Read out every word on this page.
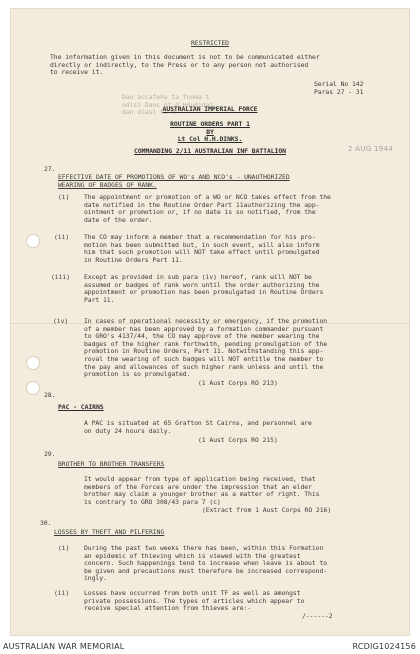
RESTRICTED
The information given in this document is not to be communicated either
directly or indirectly, to the Press or to any person not authorised
to receive it.
Serial No 142
Paras 27 - 31
Dao accafeha ta fnoma t
ndisi Dans nt d Hdudidai
dan diasl ti H
AUSTRALIAN IMPERIAL FORCE
ROUTINE ORDERS PART 1
BY
Lt Col H.H.DINKS.
COMMANDING 2/11 AUSTRALIAN INF BATTALION	2 AUG 1944
27.
EFFECTIVE DATE OF PROMOTIONS OF WO's AND NCO's - UNAUTHORIZED
WEARING OF BADGES OF RANK.
(i) The appointment or promotion of a WO or NCO takes effect from the
date notified in the Routine Order Part 11authorizing the app-
ointment or promotion or, if no date is so notified, from the
date of the order.
(ii) The CO may inform a member that a recommendation for his pro-
motion has been submitted but, in such event, will also inform
him that such promotion will NOT take effect until promulgated
in Routine Orders Part 11.
(iii) Except as provided in sub para (iv) hereof, rank will NOT be
assumed or badges of rank worn until the order authorizing the
appointment or promotion has been promulgated in Routine Orders
Part 11.
(iv) In cases of operational necessity or emergency, if the promotion
of a member has been approved by a formation commander pursuant
to GRO's 4137/44, the CO may approve of the member wearing the
badges of the higher rank forthwith, pending promulgation of the
promotion in Routine Orders, Part 11. Notwithstanding this app-
roval the wearing of such badges will NOT entitle the member to
the pay and allowances of such higher rank unless and until the
promotion is so promulgated.
(1 Aust Corps RO 213)
28.
PAC - CAIRNS
A PAC is situated at 65 Grafton St Cairns, and personnel are
on duty 24 hours daily.
(1 Aust Corps RO 215)
29.
BROTHER TO BROTHER TRANSFERS
It would appear from type of application being received, that
members of the Forces are under the impression that an elder
brother may claim a younger brother as a matter of right. This
is contrary to GRO 308/43 para 7 (c)
(Extract from 1 Aust Corps RO 216)
30.
LOSSES BY THEFT AND PILFERING
(i) During the past two weeks there has been, within this Formation
an epidemic of thieving which is viewed with the greatest
concern. Such happenings tend to increase when leave is about to
be given and precautions must therefore be increased correspond-
ingly.
(ii) Losses have occurred from both unit TF as well as amongst
private possessions. The types of articles which appear to
receive special attention from thieves are:-
/------2
AUSTRALIAN WAR MEMORIAL	RCDIG1024156
